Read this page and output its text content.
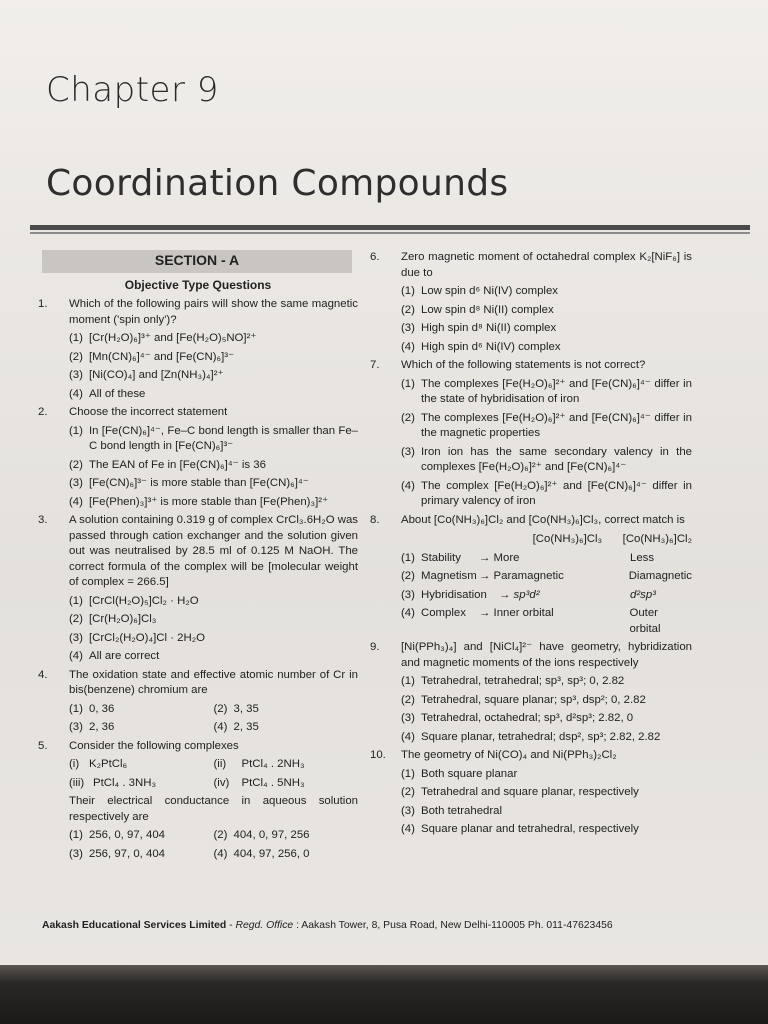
Chapter 9
Coordination Compounds
SECTION - A
Objective Type Questions
1.	Which of the following pairs will show the same magnetic moment ('spin only')?
(1) [Cr(H₂O)₆]³⁺ and [Fe(H₂O)₅NO]²⁺
(2) [Mn(CN)₆]⁴⁻ and [Fe(CN)₆]³⁻
(3) [Ni(CO)₄] and [Zn(NH₃)₄]²⁺
(4) All of these
2.	Choose the incorrect statement
(1) In [Fe(CN)₆]⁴⁻, Fe–C bond length is smaller than Fe–C bond length in [Fe(CN)₆]³⁻
(2) The EAN of Fe in [Fe(CN)₆]⁴⁻ is 36
(3) [Fe(CN)₆]³⁻ is more stable than [Fe(CN)₆]⁴⁻
(4) [Fe(Phen)₃]³⁺ is more stable than [Fe(Phen)₃]²⁺
3.	A solution containing 0.319 g of complex CrCl₃.6H₂O was passed through cation exchanger and the solution given out was neutralised by 28.5 ml of 0.125 M NaOH. The correct formula of the complex will be [molecular weight of complex = 266.5]
(1) [CrCl(H₂O)₅]Cl₂ · H₂O
(2) [Cr(H₂O)₆]Cl₃
(3) [CrCl₂(H₂O)₄]Cl · 2H₂O
(4) All are correct
4.	The oxidation state and effective atomic number of Cr in bis(benzene) chromium are
(1) 0, 36	(2) 3, 35
(3) 2, 36	(4) 2, 35
5.	Consider the following complexes
(i) K₂PtCl₆	(ii)	PtCl₄ . 2NH₃
(iii) PtCl₄ . 3NH₃	(iv)	PtCl₄ . 5NH₃
Their electrical conductance in aqueous solution respectively are
(1) 256, 0, 97, 404	(2) 404, 0, 97, 256
(3) 256, 97, 0, 404	(4) 404, 97, 256, 0
6.	Zero magnetic moment of octahedral complex K₂[NiF₆] is due to
(1) Low spin d⁶ Ni(IV) complex
(2) Low spin d⁸ Ni(II) complex
(3) High spin d⁸ Ni(II) complex
(4) High spin d⁶ Ni(IV) complex
7.	Which of the following statements is not correct?
(1) The complexes [Fe(H₂O)₆]²⁺ and [Fe(CN)₆]⁴⁻ differ in the state of hybridisation of iron
(2) The complexes [Fe(H₂O)₆]²⁺ and [Fe(CN)₆]⁴⁻ differ in the magnetic properties
(3) Iron ion has the same secondary valency in the complexes [Fe(H₂O)₆]²⁺ and [Fe(CN)₆]⁴⁻
(4) The complex [Fe(H₂O)₆]²⁺ and [Fe(CN)₆]⁴⁻ differ in primary valency of iron
8.	About [Co(NH₃)₆]Cl₂ and [Co(NH₃)₆]Cl₃, correct match is
[Co(NH₃)₆]Cl₃	[Co(NH₃)₆]Cl₂
(1) Stability	→ More	Less
(2) Magnetism → Paramagnetic	Diamagnetic
(3) Hybridisation	→ sp³d²	d²sp³
(4) Complex	→ Inner orbital	Outer orbital
9.	[Ni(PPh₃)₄] and [NiCl₄]²⁻ have geometry, hybridization and magnetic moments of the ions respectively
(1) Tetrahedral, tetrahedral; sp³, sp³; 0, 2.82
(2) Tetrahedral, square planar; sp³, dsp²; 0, 2.82
(3) Tetrahedral, octahedral; sp³, d²sp³; 2.82, 0
(4) Square planar, tetrahedral; dsp², sp³; 2.82, 2.82
10.	The geometry of Ni(CO)₄ and Ni(PPh₃)₂Cl₂
(1) Both square planar
(2) Tetrahedral and square planar, respectively
(3) Both tetrahedral
(4) Square planar and tetrahedral, respectively
Aakash Educational Services Limited - Regd. Office : Aakash Tower, 8, Pusa Road, New Delhi-110005 Ph. 011-47623456
